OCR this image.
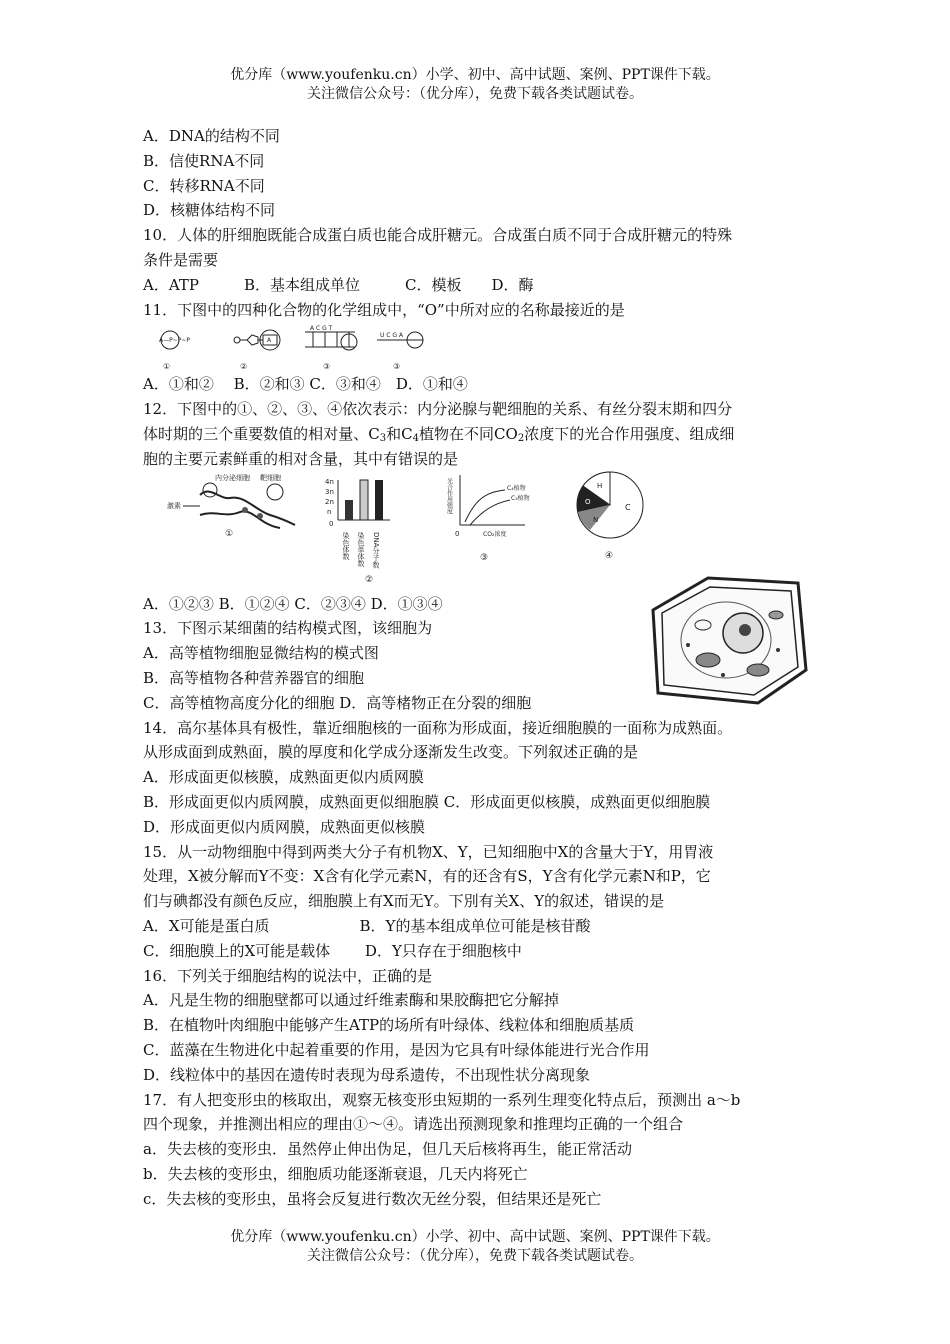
优分库（www.youfenku.cn）小学、初中、高中试题、案例、PPT课件下载。
关注微信公众号：（优分库），免费下载各类试题试卷。
A．DNA的结构不同
B．信使RNA不同
C．转移RNA不同
D．核糖体结构不同
10．人体的肝细胞既能合成蛋白质也能合成肝糖元。合成蛋白质不同于合成肝糖元的特殊
条件是需要
A．ATP　　　B．基本组成单位　　　C．模板　　D．酶
11．下图中的四种化合物的化学组成中，“O”中所对应的名称最接近的是
A．①和②　 B．②和③ C．③和④　D．①和④
12．下图中的①、②、③、④依次表示：内分泌腺与靶细胞的关系、有丝分裂末期和四分
体时期的三个重要数值的相对量、$C_3$和$C_4$植物在不同$CO_2$浓度下的光合作用强度、组成细
胞的主要元素鲜重的相对含量，其中有错误的是
A．①②③ B．①②④ C．②③④ D．①③④
13．下图示某细菌的结构模式图，该细胞为
A．高等植物细胞显微结构的模式图
B．高等植物各种营养器官的细胞
C．高等植物高度分化的细胞 D．高等楮物正在分裂的细胞
14．高尔基体具有极性，靠近细胞核的一面称为形成面，接近细胞膜的一面称为成熟面。
从形成面到成熟面，膜的厚度和化学成分逐渐发生改变。下列叙述正确的是
A．形成面更似核膜，成熟面更似内质网膜
B．形成面更似内质网膜，成熟面更似细胞膜 C．形成面更似核膜，成熟面更似细胞膜
D．形成面更似内质网膜，成熟面更似核膜
15．从一动物细胞中得到两类大分子有机物Ⅹ、Y，已知细胞中X的含量大于Y，用胃液
处理，X被分解而Y不变：Ⅹ含有化学元素N，有的还含有S，Y含有化学元素N和P，它
们与碘都没有颜色反应，细胞膜上有X而无Y。下別有关X、Y的叙述，错误的是
A．X可能是蛋白质　　　　　　B．Y的基本组成单位可能是核苷酸
C．细胞膜上的X可能是载体　　 D．Y只存在于细胞核中
16．下列关于细胞结构的说法中，正确的是
A．凡是生物的细胞壁都可以通过纤维素酶和果胶酶把它分解掉
B．在植物叶肉细胞中能够产生ATP的场所有叶绿体、线粒体和细胞质基质
C．蓝藻在生物进化中起着重要的作用，是因为它具有叶绿体能进行光合作用
D．线粒体中的基因在遗传时表现为母系遗传，不出现性状分离现象
17．有人把变形虫的核取出，观察无核变形虫短期的一系列生理变化特点后，预测出 a～b
四个现象，并推测出相应的理由①～④。请选出预测现象和推理均正确的一个组合
a．失去核的变形虫．虽然停止伸出伪足，但几天后核将再生，能正常活动
b．失去核的变形虫，细胞质功能逐渐衰退，几天内将死亡
c．失去核的变形虫，虽将会反复进行数次无丝分裂，但结果还是死亡
A—P~P~P
①
A
②
A C G T
③
U C G A
③
内分泌细胞 靶细胞
激素
①
4n
3n
2n
n
0
染色体数 染色单体数 DNA分子数
②
光合作用强度
CO₂浓度
0
C₄植物
C₃植物
③
C
H
O
N
④
优分库（www.youfenku.cn）小学、初中、高中试题、案例、PPT课件下载。
关注微信公众号：（优分库），免费下载各类试题试卷。
